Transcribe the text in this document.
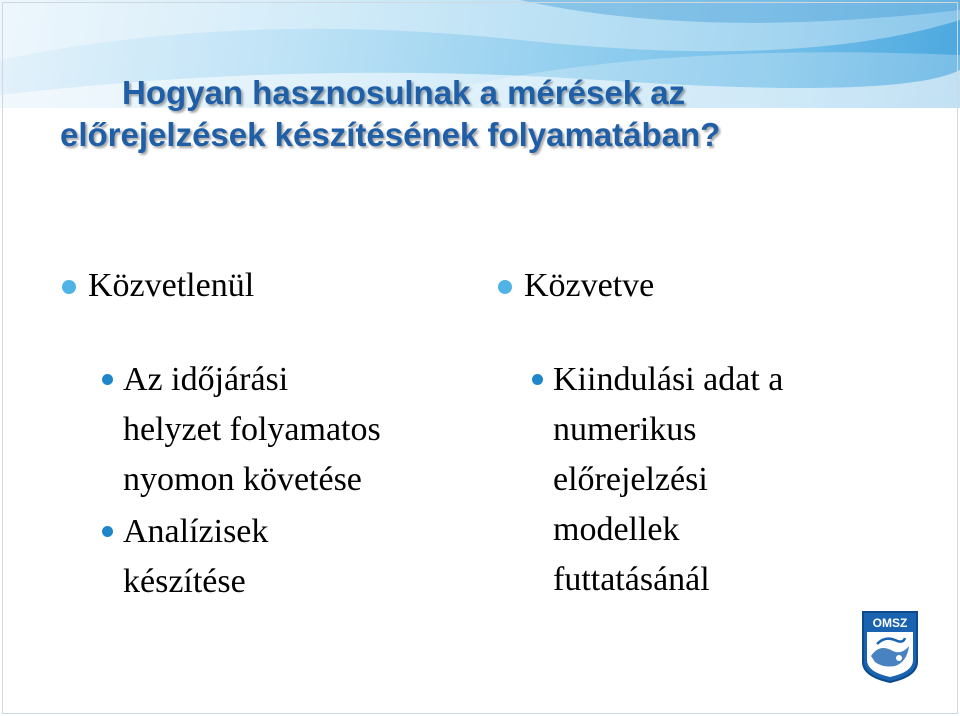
Hogyan hasznosulnak a mérések az
előrejelzések készítésének folyamatában?
Közvetlenül
Az időjárási
helyzet folyamatos
nyomon követése
Analízisek
készítése
Közvetve
Kiindulási adat a
numerikus
előrejelzési
modellek
futtatásánál
OMSZ
